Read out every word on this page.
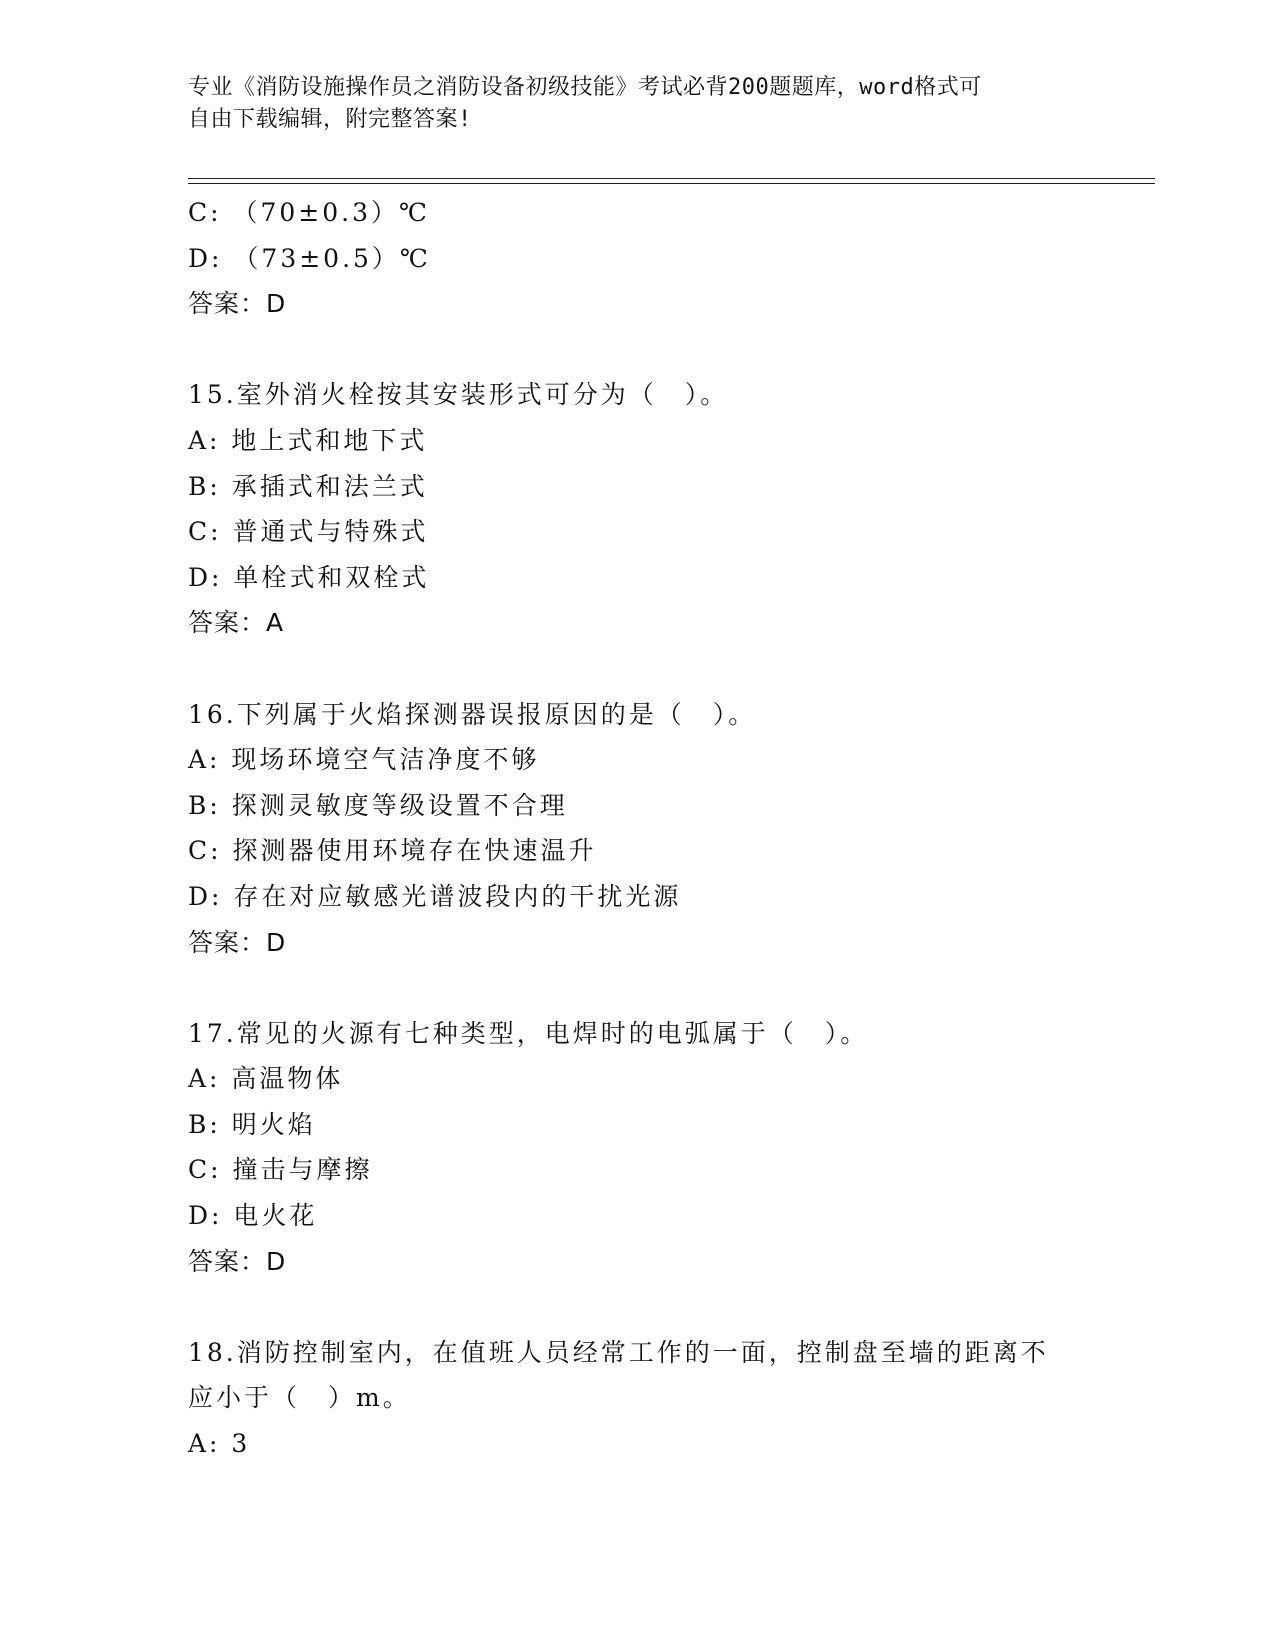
专业《消防设施操作员之消防设备初级技能》考试必背200题题库，word格式可
自由下载编辑，附完整答案!
C: （70±0.3）℃
D: （73±0.5）℃
答案：D
15.室外消火栓按其安装形式可分为（　）。
A: 地上式和地下式
B: 承插式和法兰式
C: 普通式与特殊式
D: 单栓式和双栓式
答案：A
16.下列属于火焰探测器误报原因的是（　）。
A: 现场环境空气洁净度不够
B: 探测灵敏度等级设置不合理
C: 探测器使用环境存在快速温升
D: 存在对应敏感光谱波段内的干扰光源
答案：D
17.常见的火源有七种类型，电焊时的电弧属于（　）。
A: 高温物体
B: 明火焰
C: 撞击与摩擦
D: 电火花
答案：D
18.消防控制室内，在值班人员经常工作的一面，控制盘至墙的距离不
应小于（　）m。
A: 3
